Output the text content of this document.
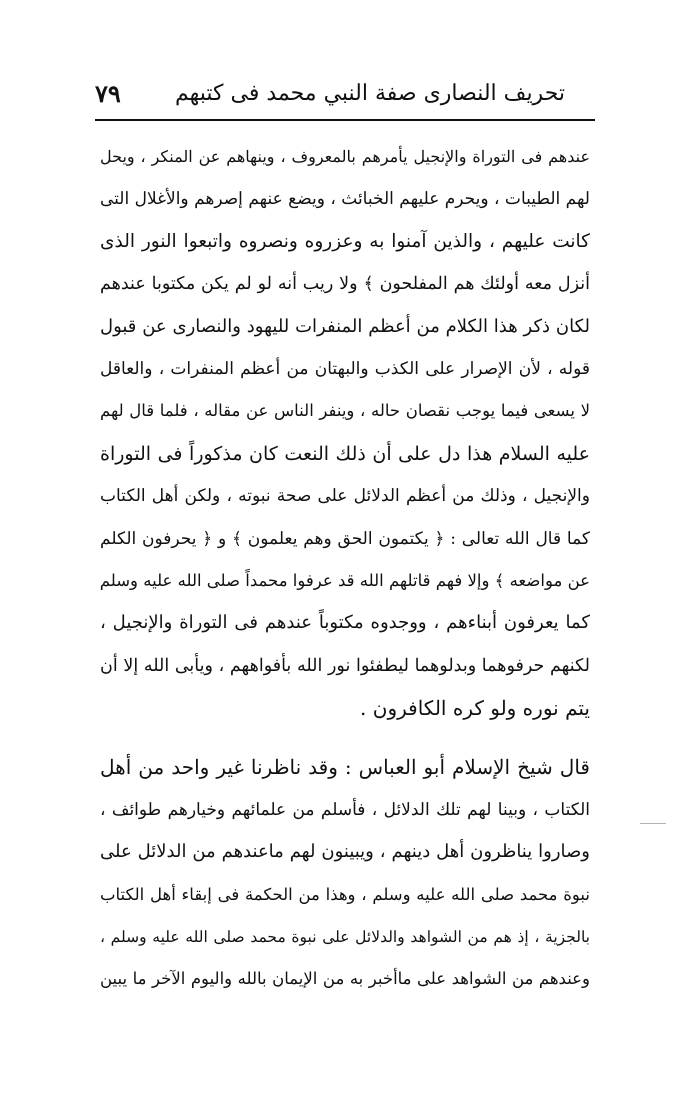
٧٩	تحريف النصارى صفة النبي محمد فى كتبهم
عندهم فى التوراة والإنجيل يأمرهم بالمعروف ، وينهاهم عن المنكر ، ويحل
لهم الطيبات ، ويحرم عليهم الخبائث ، ويضع عنهم إصرهم والأغلال التى
كانت عليهم ، والذين آمنوا به وعزروه ونصروه واتبعوا النور الذى
أنزل معه أولئك هم المفلحون ﴾ ولا ريب أنه لو لم يكن مكتوبا عندهم
لكان ذكر هذا الكلام من أعظم المنفرات لليهود والنصارى عن قبول
قوله ، لأن الإصرار على الكذب والبهتان من أعظم المنفرات ، والعاقل
لا يسعى فيما يوجب نقصان حاله ، وينفر الناس عن مقاله ، فلما قال لهم
عليه السلام هذا دل على أن ذلك النعت كان مذكوراً فى التوراة
والإنجيل ، وذلك من أعظم الدلائل على صحة نبوته ، ولكن أهل الكتاب
كما قال الله تعالى : ﴿ يكتمون الحق وهم يعلمون ﴾ و ﴿ يحرفون الكلم
عن مواضعه ﴾ وإلا فهم قاتلهم الله قد عرفوا محمداً صلى الله عليه وسلم
كما يعرفون أبناءهم ، ووجدوه مكتوباً عندهم فى التوراة والإنجيل ،
لكنهم حرفوهما وبدلوهما ليطفئوا نور الله بأفواههم ، ويأبى الله إلا أن
يتم نوره ولو كره الكافرون .
قال شيخ الإسلام أبو العباس : وقد ناظرنا غير واحد من أهل
الكتاب ، وبينا لهم تلك الدلائل ، فأسلم من علمائهم وخيارهم طوائف ،
وصاروا يناظرون أهل دينهم ، ويبينون لهم ماعندهم من الدلائل على
نبوة محمد صلى الله عليه وسلم ، وهذا من الحكمة فى إبقاء أهل الكتاب
بالجزية ، إذ هم من الشواهد والدلائل على نبوة محمد صلى الله عليه وسلم ،
وعندهم من الشواهد على ماأخبر به من الإيمان بالله واليوم الآخر ما يبين
